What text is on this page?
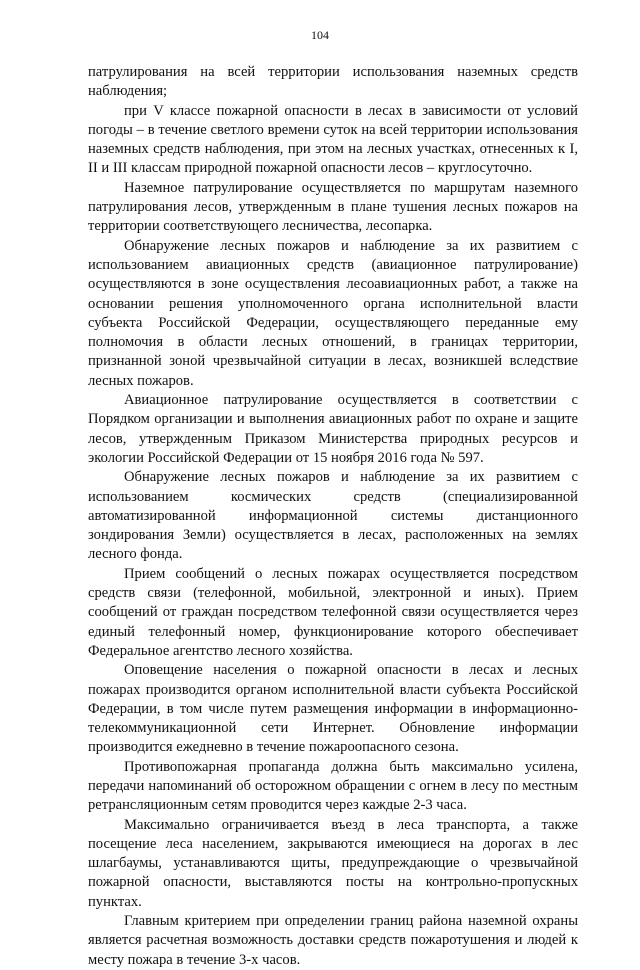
104

патрулирования на всей территории использования наземных средств наблюдения;

при V классе пожарной опасности в лесах в зависимости от условий погоды – в течение светлого времени суток на всей территории использования наземных средств наблюдения, при этом на лесных участках, отнесенных к I, II и III классам природной пожарной опасности лесов – круглосуточно.

Наземное патрулирование осуществляется по маршрутам наземного патрулирования лесов, утвержденным в плане тушения лесных пожаров на территории соответствующего лесничества, лесопарка.

Обнаружение лесных пожаров и наблюдение за их развитием с использованием авиационных средств (авиационное патрулирование) осуществляются в зоне осуществления лесоавиационных работ, а также на основании решения уполномоченного органа исполнительной власти субъекта Российской Федерации, осуществляющего переданные ему полномочия в области лесных отношений, в границах территории, признанной зоной чрезвычайной ситуации в лесах, возникшей вследствие лесных пожаров.

Авиационное патрулирование осуществляется в соответствии с Порядком организации и выполнения авиационных работ по охране и защите лесов, утвержденным Приказом Министерства природных ресурсов и экологии Российской Федерации от 15 ноября 2016 года № 597.

Обнаружение лесных пожаров и наблюдение за их развитием с использованием космических средств (специализированной автоматизированной информационной системы дистанционного зондирования Земли) осуществляется в лесах, расположенных на землях лесного фонда.

Прием сообщений о лесных пожарах осуществляется посредством средств связи (телефонной, мобильной, электронной и иных). Прием сообщений от граждан посредством телефонной связи осуществляется через единый телефонный номер, функционирование которого обеспечивает Федеральное агентство лесного хозяйства.

Оповещение населения о пожарной опасности в лесах и лесных пожарах производится органом исполнительной власти субъекта Российской Федерации, в том числе путем размещения информации в информационно-телекоммуникационной сети Интернет. Обновление информации производится ежедневно в течение пожароопасного сезона.

Противопожарная пропаганда должна быть максимально усилена, передачи напоминаний об осторожном обращении с огнем в лесу по местным ретрансляционным сетям проводится через каждые 2-3 часа.

Максимально ограничивается въезд в леса транспорта, а также посещение леса населением, закрываются имеющиеся на дорогах в лес шлагбаумы, устанавливаются щиты, предупреждающие о чрезвычайной пожарной опасности, выставляются посты на контрольно-пропускных пунктах.

Главным критерием при определении границ района наземной охраны является расчетная возможность доставки средств пожаротушения и людей к месту пожара в течение 3-х часов.
